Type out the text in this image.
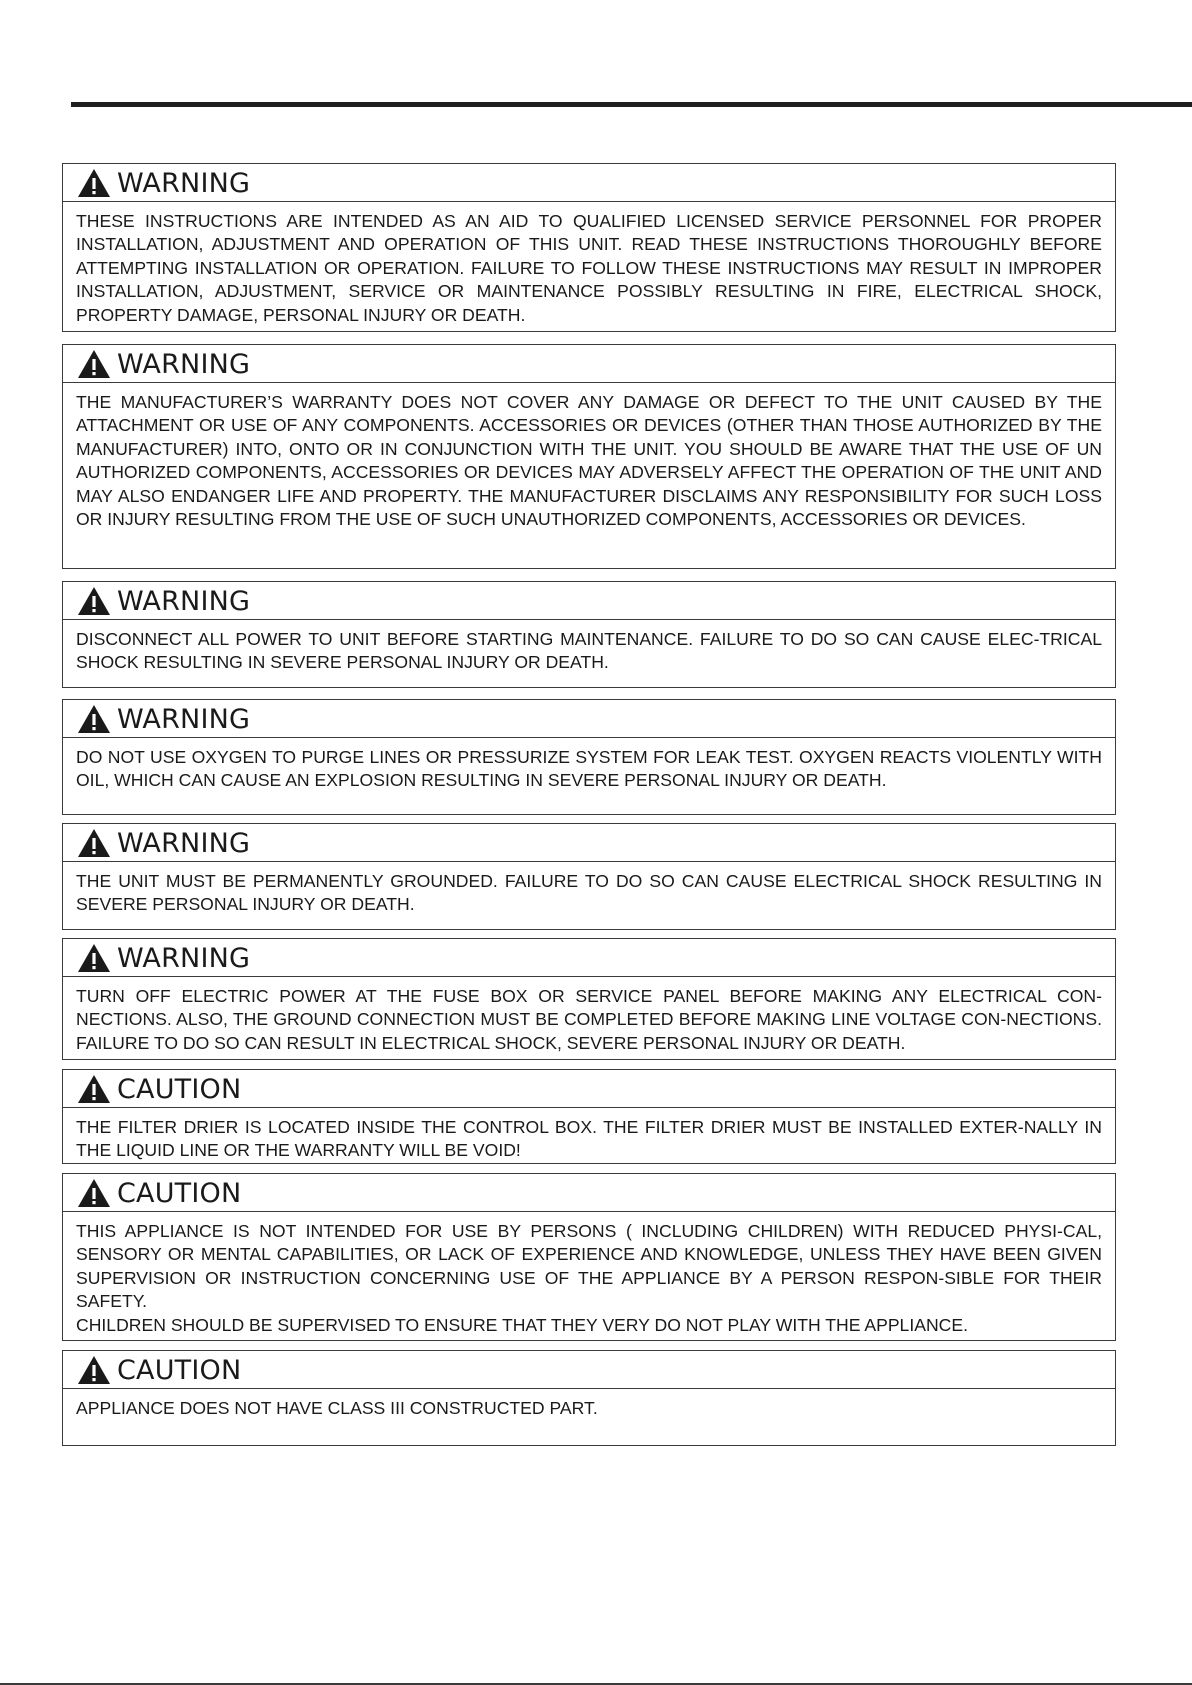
WARNING
THESE INSTRUCTIONS ARE INTENDED AS AN AID TO QUALIFIED LICENSED SERVICE PERSONNEL FOR PROPER INSTALLATION, ADJUSTMENT AND OPERATION OF THIS UNIT. READ THESE INSTRUCTIONS THOROUGHLY BEFORE ATTEMPTING INSTALLATION OR OPERATION. FAILURE TO FOLLOW THESE INSTRUCTIONS MAY RESULT IN IMPROPER INSTALLATION, ADJUSTMENT, SERVICE OR MAINTENANCE POSSIBLY RESULTING IN FIRE, ELECTRICAL SHOCK, PROPERTY DAMAGE, PERSONAL INJURY OR DEATH.
WARNING
THE MANUFACTURER’S WARRANTY DOES NOT COVER ANY DAMAGE OR DEFECT TO THE UNIT CAUSED BY THE ATTACHMENT OR USE OF ANY COMPONENTS. ACCESSORIES OR DEVICES (OTHER THAN THOSE AUTHORIZED BY THE MANUFACTURER) INTO, ONTO OR IN CONJUNCTION WITH THE UNIT. YOU SHOULD BE AWARE THAT THE USE OF UN AUTHORIZED COMPONENTS, ACCESSORIES OR DEVICES MAY ADVERSELY AFFECT THE OPERATION OF THE UNIT AND MAY ALSO ENDANGER LIFE AND PROPERTY. THE MANUFACTURER DISCLAIMS ANY RESPONSIBILITY FOR SUCH LOSS OR INJURY RESULTING FROM THE USE OF SUCH UNAUTHORIZED COMPONENTS, ACCESSORIES OR DEVICES.
WARNING
DISCONNECT ALL POWER TO UNIT BEFORE STARTING MAINTENANCE. FAILURE TO DO SO CAN CAUSE ELEC-TRICAL SHOCK RESULTING IN SEVERE PERSONAL INJURY OR DEATH.
WARNING
DO NOT USE OXYGEN TO PURGE LINES OR PRESSURIZE SYSTEM FOR LEAK TEST. OXYGEN REACTS VIOLENTLY WITH OIL, WHICH CAN CAUSE AN EXPLOSION RESULTING IN SEVERE PERSONAL INJURY OR DEATH.
WARNING
THE UNIT MUST BE PERMANENTLY GROUNDED. FAILURE TO DO SO CAN CAUSE ELECTRICAL SHOCK RESULTING IN SEVERE PERSONAL INJURY OR DEATH.
WARNING
TURN OFF ELECTRIC POWER AT THE FUSE BOX OR SERVICE PANEL BEFORE MAKING ANY ELECTRICAL CON-NECTIONS. ALSO, THE GROUND CONNECTION MUST BE COMPLETED BEFORE MAKING LINE VOLTAGE CON-NECTIONS. FAILURE TO DO SO CAN RESULT IN ELECTRICAL SHOCK, SEVERE PERSONAL INJURY OR DEATH.
CAUTION
THE FILTER DRIER IS LOCATED INSIDE THE CONTROL BOX. THE FILTER DRIER MUST BE INSTALLED EXTER-NALLY IN THE LIQUID LINE OR THE WARRANTY WILL BE VOID!
CAUTION
THIS APPLIANCE IS NOT INTENDED FOR USE BY PERSONS ( INCLUDING CHILDREN) WITH REDUCED PHYSI-CAL, SENSORY OR MENTAL CAPABILITIES, OR LACK OF EXPERIENCE AND KNOWLEDGE, UNLESS THEY HAVE BEEN GIVEN SUPERVISION OR INSTRUCTION CONCERNING USE OF THE APPLIANCE BY A PERSON RESPON-SIBLE FOR THEIR SAFETY.
CHILDREN SHOULD BE SUPERVISED TO ENSURE THAT THEY VERY DO NOT PLAY WITH THE APPLIANCE.
CAUTION
APPLIANCE DOES NOT HAVE CLASS III CONSTRUCTED PART.
